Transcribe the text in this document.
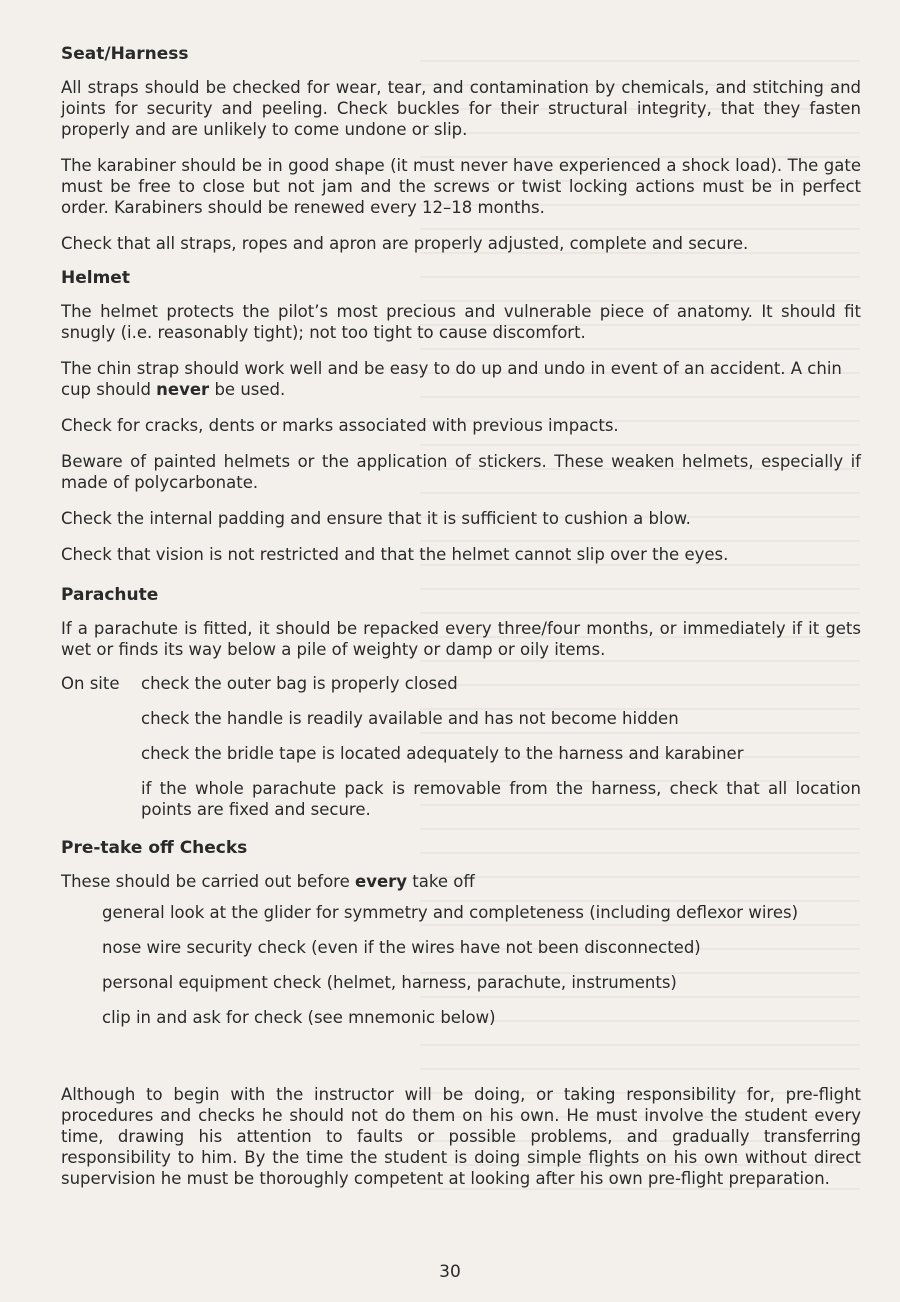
Seat/Harness

All straps should be checked for wear, tear, and contamination by chemicals, and stitching and joints for security and peeling. Check buckles for their structural integrity, that they fasten properly and are unlikely to come undone or slip.

The karabiner should be in good shape (it must never have experienced a shock load). The gate must be free to close but not jam and the screws or twist locking actions must be in perfect order. Karabiners should be renewed every 12–18 months.

Check that all straps, ropes and apron are properly adjusted, complete and secure.

Helmet

The helmet protects the pilot’s most precious and vulnerable piece of anatomy. It should fit snugly (i.e. reasonably tight); not too tight to cause discomfort.

The chin strap should work well and be easy to do up and undo in event of an accident. A chin cup should never be used.

Check for cracks, dents or marks associated with previous impacts.

Beware of painted helmets or the application of stickers. These weaken helmets, especially if made of polycarbonate.

Check the internal padding and ensure that it is sufficient to cushion a blow.

Check that vision is not restricted and that the helmet cannot slip over the eyes.

Parachute

If a parachute is fitted, it should be repacked every three/four months, or immediately if it gets wet or finds its way below a pile of weighty or damp or oily items.

On site	check the outer bag is properly closed
check the handle is readily available and has not become hidden
check the bridle tape is located adequately to the harness and karabiner
if the whole parachute pack is removable from the harness, check that all location points are fixed and secure.
Pre-take off Checks

These should be carried out before every take off

general look at the glider for symmetry and completeness (including deflexor wires)
nose wire security check (even if the wires have not been disconnected)
personal equipment check (helmet, harness, parachute, instruments)
clip in and ask for check (see mnemonic below)

Although to begin with the instructor will be doing, or taking responsibility for, pre-flight procedures and checks he should not do them on his own. He must involve the student every time, drawing his attention to faults or possible problems, and gradually transferring responsibility to him. By the time the student is doing simple flights on his own without direct supervision he must be thoroughly competent at looking after his own pre-flight preparation.

30
